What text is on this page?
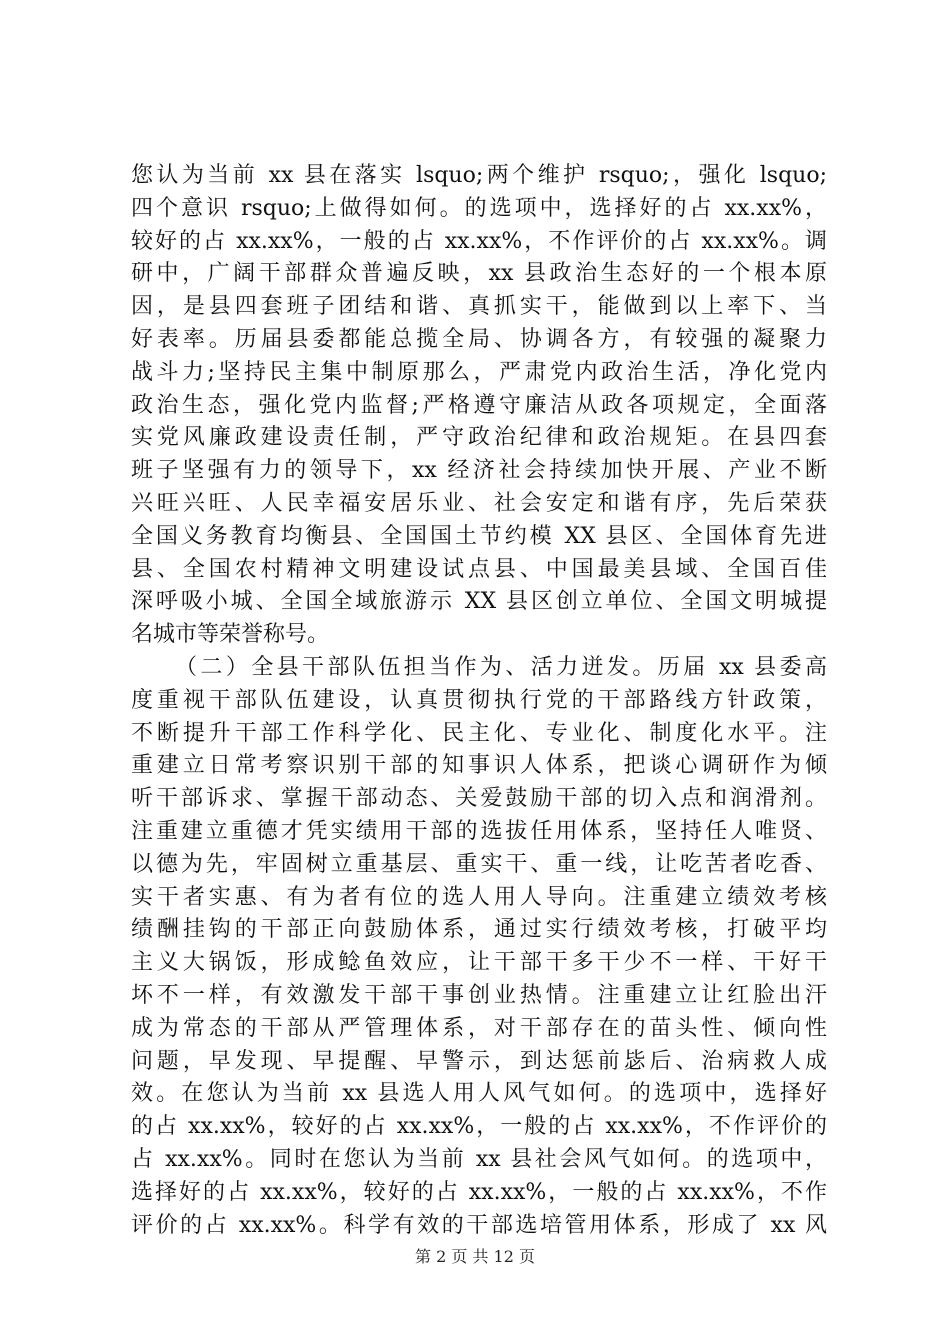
您认为当前 xx 县在落实 lsquo;两个维护 rsquo;，强化 lsquo;
四个意识 rsquo;上做得如何。的选项中，选择好的占 xx.xx%，
较好的占 xx.xx%，一般的占 xx.xx%，不作评价的占 xx.xx%。调
研中，广阔干部群众普遍反映，xx 县政治生态好的一个根本原
因，是县四套班子团结和谐、真抓实干，能做到以上率下、当
好表率。历届县委都能总揽全局、协调各方，有较强的凝聚力
战斗力;坚持民主集中制原那么，严肃党内政治生活，净化党内
政治生态，强化党内监督;严格遵守廉洁从政各项规定，全面落
实党风廉政建设责任制，严守政治纪律和政治规矩。在县四套
班子坚强有力的领导下，xx 经济社会持续加快开展、产业不断
兴旺兴旺、人民幸福安居乐业、社会安定和谐有序，先后荣获
全国义务教育均衡县、全国国土节约模 XX 县区、全国体育先进
县、全国农村精神文明建设试点县、中国最美县域、全国百佳
深呼吸小城、全国全域旅游示 XX 县区创立单位、全国文明城提
名城市等荣誉称号。
（二）全县干部队伍担当作为、活力迸发。历届 xx 县委高
度重视干部队伍建设，认真贯彻执行党的干部路线方针政策，
不断提升干部工作科学化、民主化、专业化、制度化水平。注
重建立日常考察识别干部的知事识人体系，把谈心调研作为倾
听干部诉求、掌握干部动态、关爱鼓励干部的切入点和润滑剂。
注重建立重德才凭实绩用干部的选拔任用体系，坚持任人唯贤、
以德为先，牢固树立重基层、重实干、重一线，让吃苦者吃香、
实干者实惠、有为者有位的选人用人导向。注重建立绩效考核
绩酬挂钩的干部正向鼓励体系，通过实行绩效考核，打破平均
主义大锅饭，形成鲶鱼效应，让干部干多干少不一样、干好干
坏不一样，有效激发干部干事创业热情。注重建立让红脸出汗
成为常态的干部从严管理体系，对干部存在的苗头性、倾向性
问题，早发现、早提醒、早警示，到达惩前毖后、治病救人成
效。在您认为当前 xx 县选人用人风气如何。的选项中，选择好
的占 xx.xx%，较好的占 xx.xx%，一般的占 xx.xx%，不作评价的
占 xx.xx%。同时在您认为当前 xx 县社会风气如何。的选项中，
选择好的占 xx.xx%，较好的占 xx.xx%，一般的占 xx.xx%，不作
评价的占 xx.xx%。科学有效的干部选培管用体系，形成了 xx 风
第 2 页 共 12 页
